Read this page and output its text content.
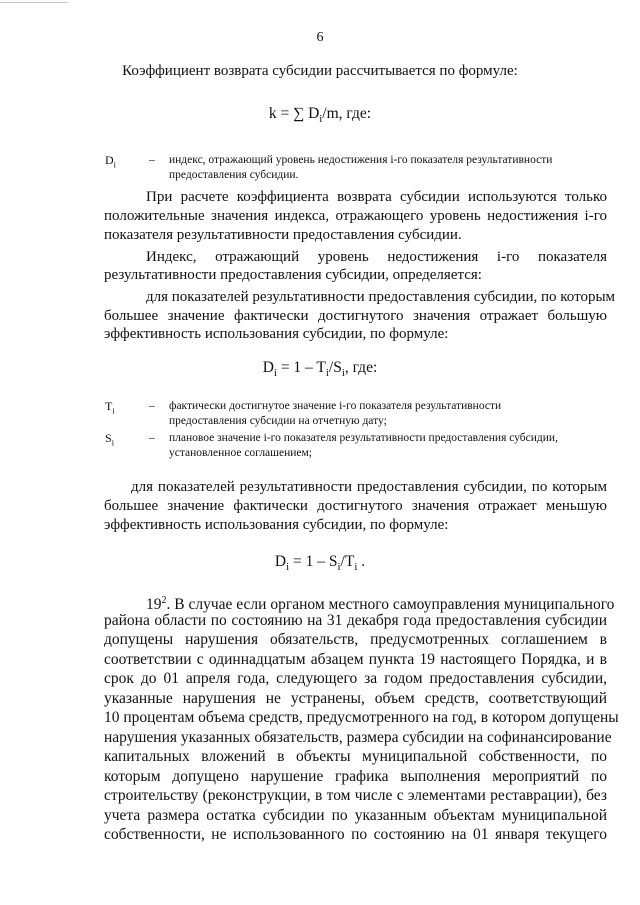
6
Коэффициент возврата субсидии рассчитывается по формуле:
k = ∑ $D_i/m$, где:
$D_i$	– индекс, отражающий уровень недостижения i-го показателя результативности
предоставления субсидии.
При расчете коэффициента возврата субсидии используются только
положительные значения индекса, отражающего уровень недостижения i-го
показателя результативности предоставления субсидии.
Индекс, отражающий уровень недостижения i-го показателя
результативности предоставления субсидии, определяется:
для показателей результативности предоставления субсидии, по которым
большее значение фактически достигнутого значения отражает большую
эффективность использования субсидии, по формуле:
$D_i = 1 - T_i/S_i$, где:
$T_i$	– фактически достигнутое значение i-го показателя результативности
предоставления субсидии на отчетную дату;
$S_i$	– плановое значение i-го показателя результативности предоставления субсидии,
установленное соглашением;
для показателей результативности предоставления субсидии, по которым
большее значение фактически достигнутого значения отражает меньшую
эффективность использования субсидии, по формуле:
$D_i = 1 - S_i/T_i$ .
$19^2$. В случае если органом местного самоуправления муниципального
района области по состоянию на 31 декабря года предоставления субсидии
допущены нарушения обязательств, предусмотренных соглашением в
соответствии с одиннадцатым абзацем пункта 19 настоящего Порядка, и в
срок до 01 апреля года, следующего за годом предоставления субсидии,
указанные нарушения не устранены, объем средств, соответствующий
10 процентам объема средств, предусмотренного на год, в котором допущены
нарушения указанных обязательств, размера субсидии на софинансирование
капитальных вложений в объекты муниципальной собственности, по
которым допущено нарушение графика выполнения мероприятий по
строительству (реконструкции, в том числе с элементами реставрации), без
учета размера остатка субсидии по указанным объектам муниципальной
собственности, не использованного по состоянию на 01 января текущего
